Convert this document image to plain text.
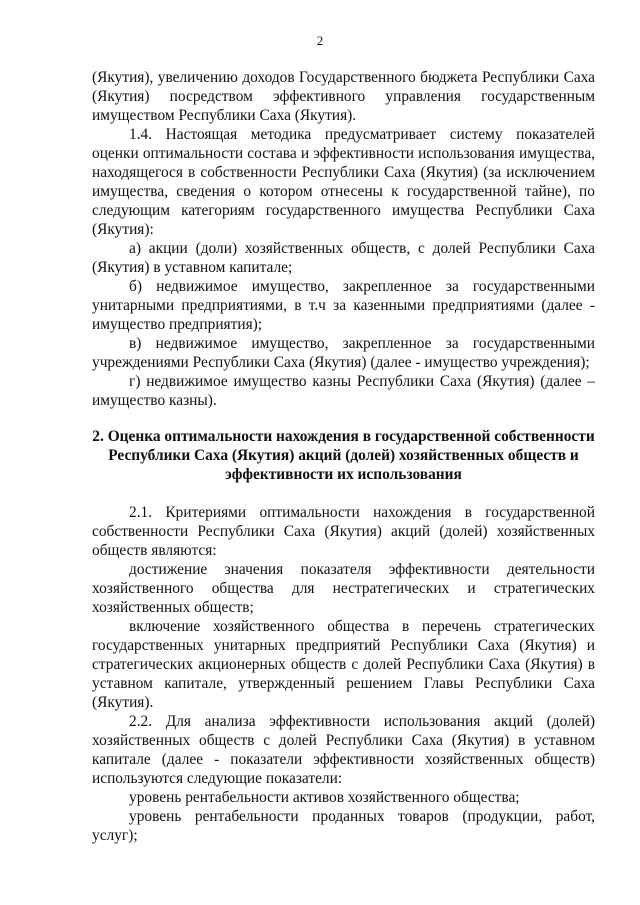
2

(Якутия), увеличению доходов Государственного бюджета Республики Саха (Якутия) посредством эффективного управления государственным имуществом Республики Саха (Якутия).

1.4. Настоящая методика предусматривает систему показателей оценки оптимальности состава и эффективности использования имущества, находящегося в собственности Республики Саха (Якутия) (за исключением имущества, сведения о котором отнесены к государственной тайне), по следующим категориям государственного имущества Республики Саха (Якутия):

а) акции (доли) хозяйственных обществ, с долей Республики Саха (Якутия) в уставном капитале;

б) недвижимое имущество, закрепленное за государственными унитарными предприятиями, в т.ч за казенными предприятиями (далее - имущество предприятия);

в) недвижимое имущество, закрепленное за государственными учреждениями Республики Саха (Якутия) (далее - имущество учреждения);

г) недвижимое имущество казны Республики Саха (Якутия) (далее – имущество казны).

2. Оценка оптимальности нахождения в государственной собственности Республики Саха (Якутия) акций (долей) хозяйственных обществ и эффективности их использования

2.1. Критериями оптимальности нахождения в государственной собственности Республики Саха (Якутия) акций (долей) хозяйственных обществ являются:

достижение значения показателя эффективности деятельности хозяйственного общества для нестратегических и стратегических хозяйственных обществ;

включение хозяйственного общества в перечень стратегических государственных унитарных предприятий Республики Саха (Якутия) и стратегических акционерных обществ с долей Республики Саха (Якутия) в уставном капитале, утвержденный решением Главы Республики Саха (Якутия).

2.2. Для анализа эффективности использования акций (долей) хозяйственных обществ с долей Республики Саха (Якутия) в уставном капитале (далее - показатели эффективности хозяйственных обществ) используются следующие показатели:

уровень рентабельности активов хозяйственного общества;

уровень рентабельности проданных товаров (продукции, работ, услуг);
